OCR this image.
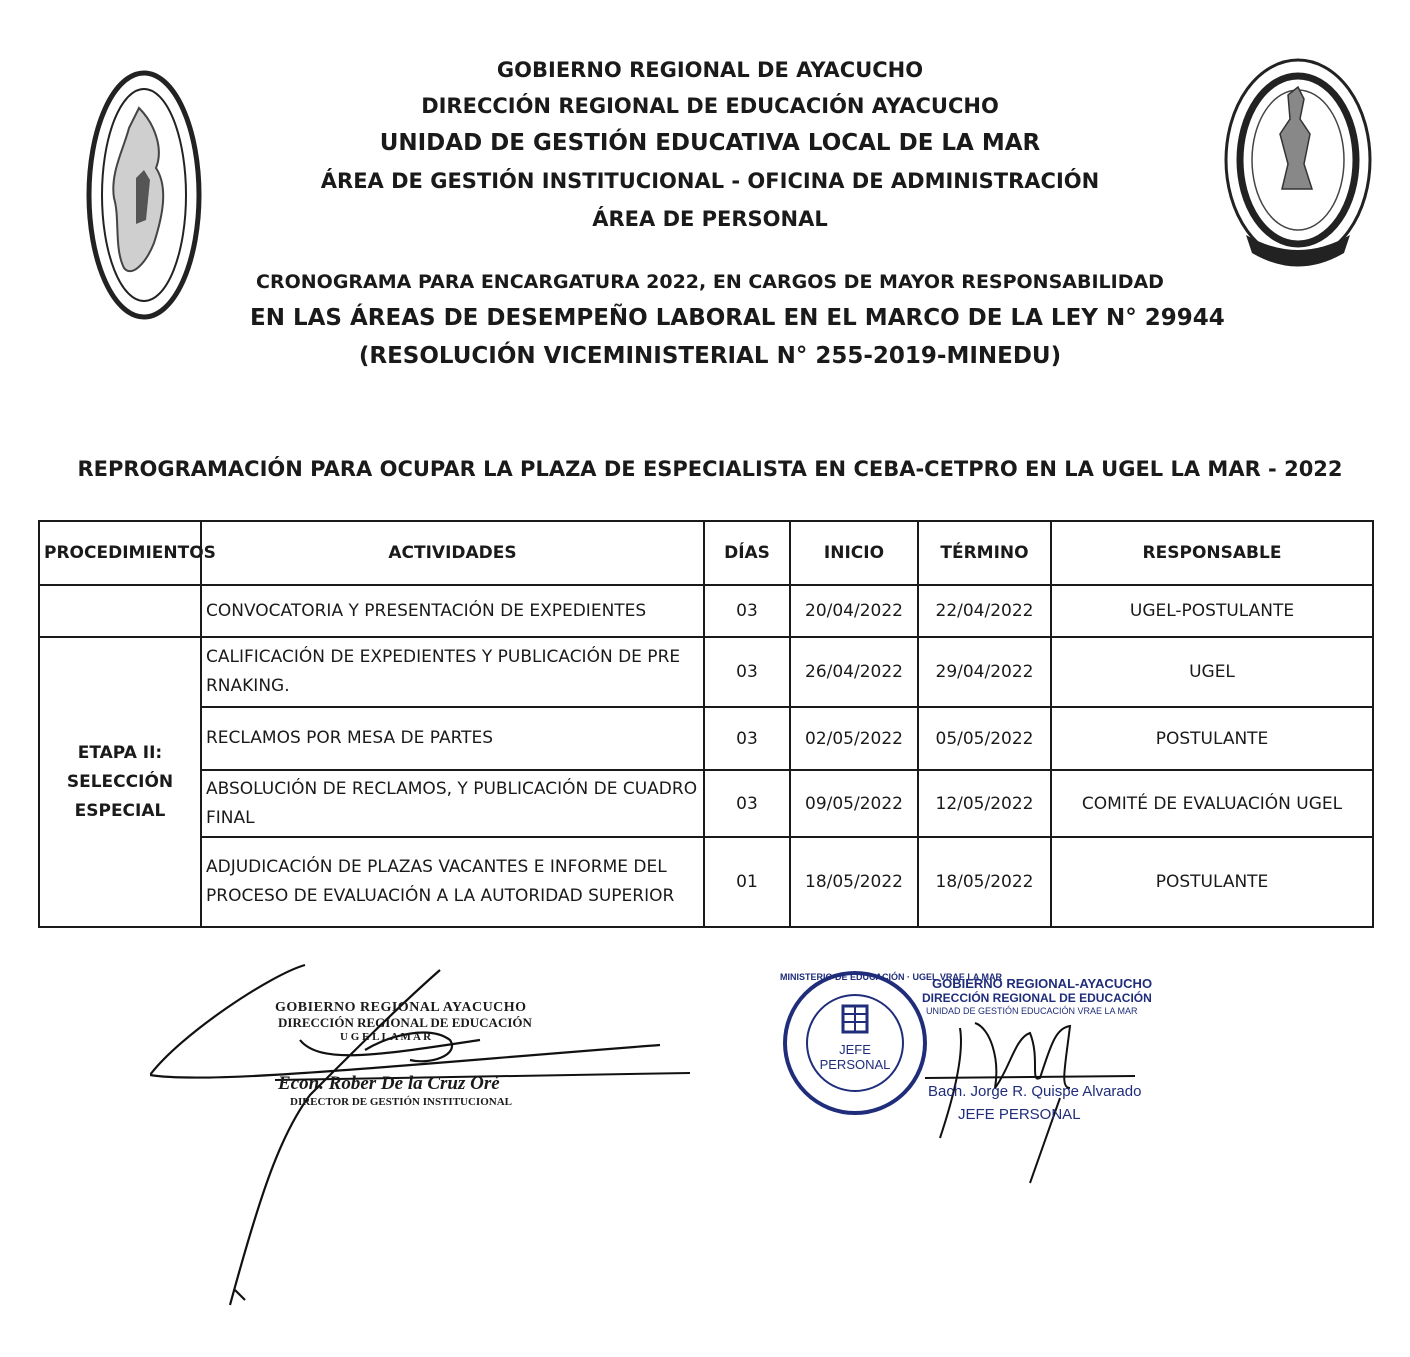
GOBIERNO REGIONAL DE AYACUCHO
DIRECCIÓN REGIONAL DE EDUCACIÓN AYACUCHO
UNIDAD DE GESTIÓN EDUCATIVA LOCAL DE LA MAR
ÁREA DE GESTIÓN INSTITUCIONAL - OFICINA DE ADMINISTRACIÓN
ÁREA DE PERSONAL
CRONOGRAMA PARA ENCARGATURA 2022, EN CARGOS DE MAYOR RESPONSABILIDAD
EN LAS ÁREAS DE DESEMPEÑO LABORAL EN EL MARCO DE LA LEY N° 29944
(RESOLUCIÓN VICEMINISTERIAL N° 255-2019-MINEDU)
REPROGRAMACIÓN PARA OCUPAR LA PLAZA DE ESPECIALISTA EN CEBA-CETPRO EN LA UGEL LA MAR - 2022
PROCEDIMIENTOS	ACTIVIDADES	DÍAS	INICIO	TÉRMINO	RESPONSABLE
	CONVOCATORIA Y PRESENTACIÓN DE EXPEDIENTES	03	20/04/2022	22/04/2022	UGEL-POSTULANTE
ETAPA II: SELECCIÓN ESPECIAL	CALIFICACIÓN DE EXPEDIENTES Y PUBLICACIÓN DE PRE RNAKING.	03	26/04/2022	29/04/2022	UGEL
	RECLAMOS POR MESA DE PARTES	03	02/05/2022	05/05/2022	POSTULANTE
	ABSOLUCIÓN DE RECLAMOS, Y PUBLICACIÓN DE CUADRO FINAL	03	09/05/2022	12/05/2022	COMITÉ DE EVALUACIÓN UGEL
	ADJUDICACIÓN DE PLAZAS VACANTES E INFORME DEL PROCESO DE EVALUACIÓN A LA AUTORIDAD SUPERIOR	01	18/05/2022	18/05/2022	POSTULANTE
GOBIERNO REGIONAL AYACUCHO
DIRECCIÓN REGIONAL DE EDUCACIÓN
U G E L L A M A R
Econ. Rober De la Cruz Oré
DIRECTOR DE GESTIÓN INSTITUCIONAL
MINISTERIO DE EDUCACIÓN · UGEL VRAE LA MAR
JEFE
PERSONAL
GOBIERNO REGIONAL-AYACUCHO
DIRECCIÓN REGIONAL DE EDUCACIÓN
UNIDAD DE GESTIÓN EDUCACIÓN VRAE LA MAR
Bach. Jorge R. Quispe Alvarado
JEFE PERSONAL
